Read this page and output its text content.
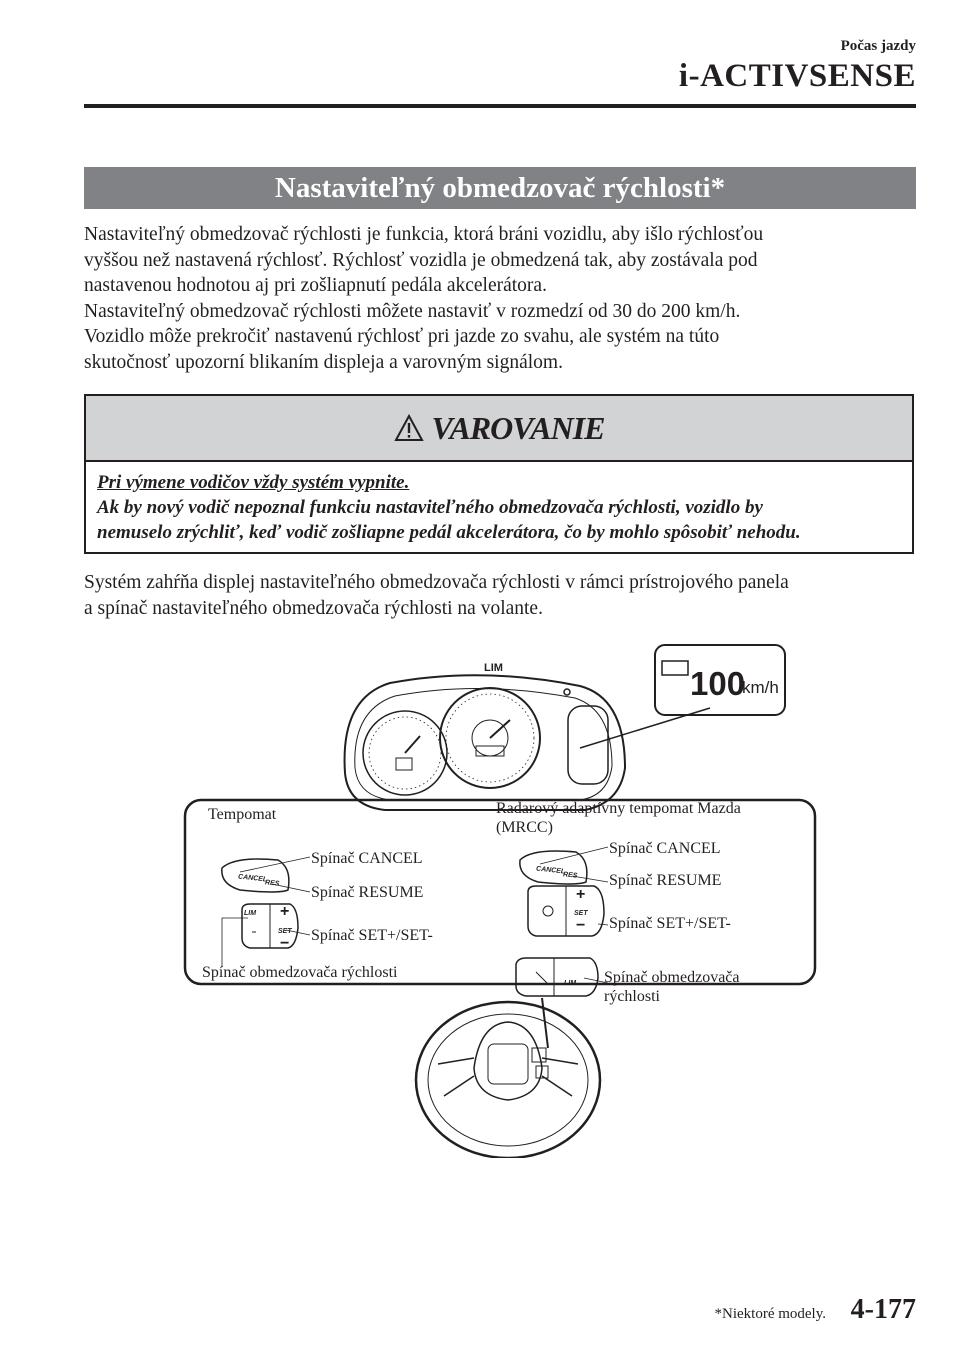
Počas jazdy
i-ACTIVSENSE
Nastaviteľný obmedzovač rýchlosti*

Nastaviteľný obmedzovač rýchlosti je funkcia, ktorá bráni vozidlu, aby išlo rýchlosťou

vyššou než nastavená rýchlosť. Rýchlosť vozidla je obmedzená tak, aby zostávala pod

nastavenou hodnotou aj pri zošliapnutí pedála akcelerátora.

Nastaviteľný obmedzovač rýchlosti môžete nastaviť v rozmedzí od 30 do 200 km/h.

Vozidlo môže prekročiť nastavenú rýchlosť pri jazde zo svahu, ale systém na túto

skutočnosť upozorní blikaním displeja a varovným signálom.

VAROVANIE
Pri výmene vodičov vždy systém vypnite.
Ak by nový vodič nepoznal funkciu nastaviteľného obmedzovača rýchlosti, vozidlo by
nemuselo zrýchliť, keď vodič zošliapne pedál akcelerátora, čo by mohlo spôsobiť nehodu.

Systém zahŕňa displej nastaviteľného obmedzovača rýchlosti v rámci prístrojového panela

a spínač nastaviteľného obmedzovača rýchlosti na volante.

LIM	100
km/h
CANCEL
RES
LIM +
SET
−
CANCEL
RES
+
SET
−
LIM
Tempomat	Radarový adaptívny tempomat Mazda
(MRCC)
Spínač CANCEL
Spínač RESUME
Spínač SET+/SET-
Spínač obmedzovača rýchlosti
Spínač CANCEL
Spínač RESUME
Spínač SET+/SET-
Spínač obmedzovača
rýchlosti
*Niektoré modely. 4-177
